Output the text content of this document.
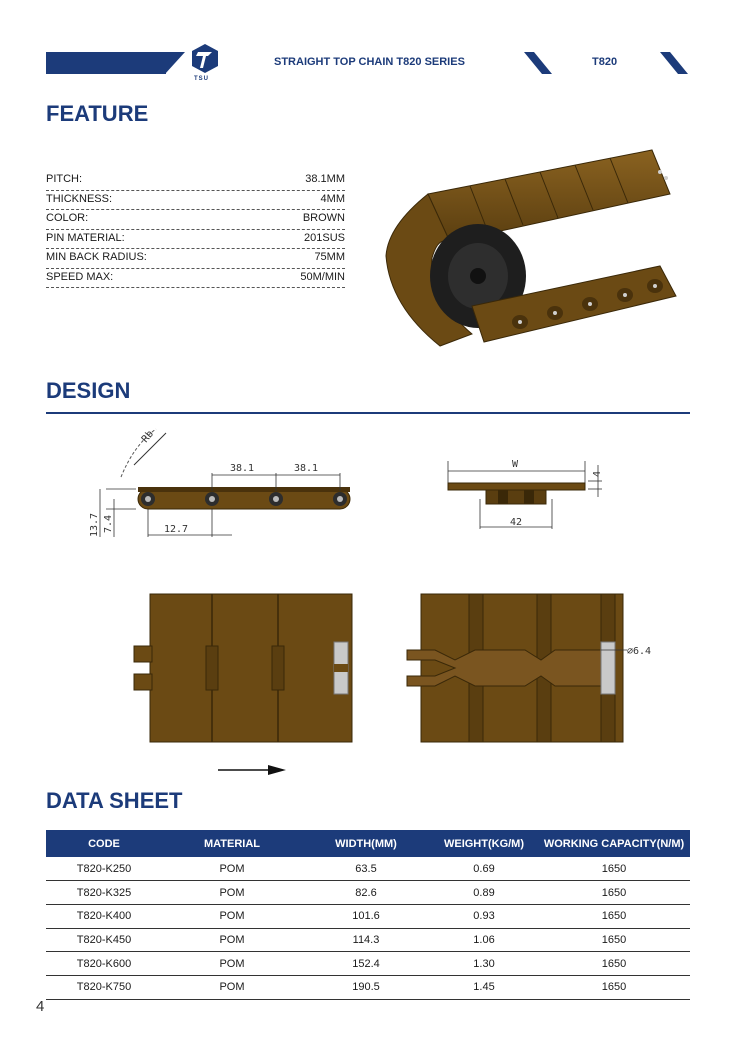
TSU
STRAIGHT TOP CHAIN T820 SERIES	T820
FEATURE
PITCH:	38.1MM
THICKNESS:	4MM
COLOR:	BROWN
PIN MATERIAL:	201SUS
MIN BACK RADIUS:	75MM
SPEED MAX:	50M/MIN
DESIGN
Rb
38.1	38.1
13.7 7.4	12.7
W
4
42
∅6.4
DATA SHEET
CODE	MATERIAL	WIDTH(MM)	WEIGHT(KG/M)	WORKING CAPACITY(N/M)
T820-K250	POM	63.5	0.69	1650
T820-K325	POM	82.6	0.89	1650
T820-K400	POM	101.6	0.93	1650
T820-K450	POM	114.3	1.06	1650
T820-K600	POM	152.4	1.30	1650
T820-K750	POM	190.5	1.45	1650
4
